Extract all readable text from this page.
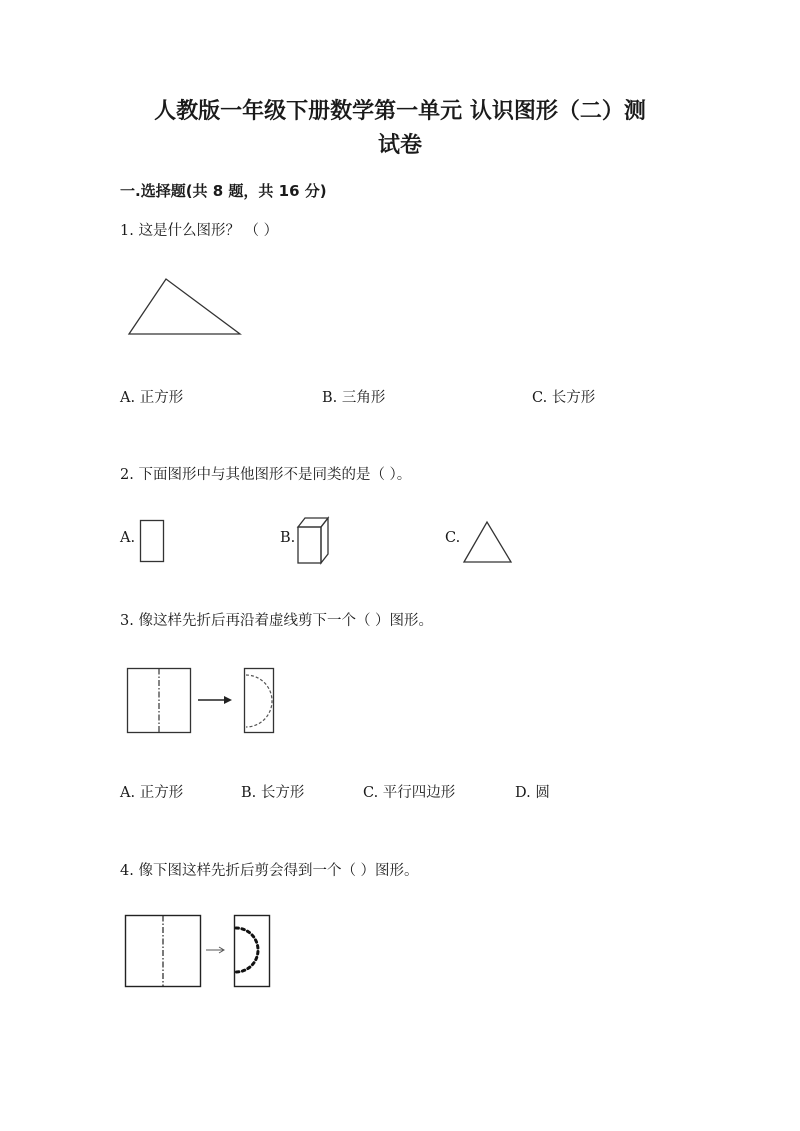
人教版一年级下册数学第一单元 认识图形（二）测
试卷
一.选择题(共 8 题，共 16 分)
1. 这是什么图形？ （ ）
A. 正方形	B. 三角形	C. 长方形
2. 下面图形中与其他图形不是同类的是（ ）。
A.	B.	C.
3. 像这样先折后再沿着虚线剪下一个（ ）图形。
A. 正方形	B. 长方形	C. 平行四边形	D. 圆
4. 像下图这样先折后剪会得到一个（ ）图形。
